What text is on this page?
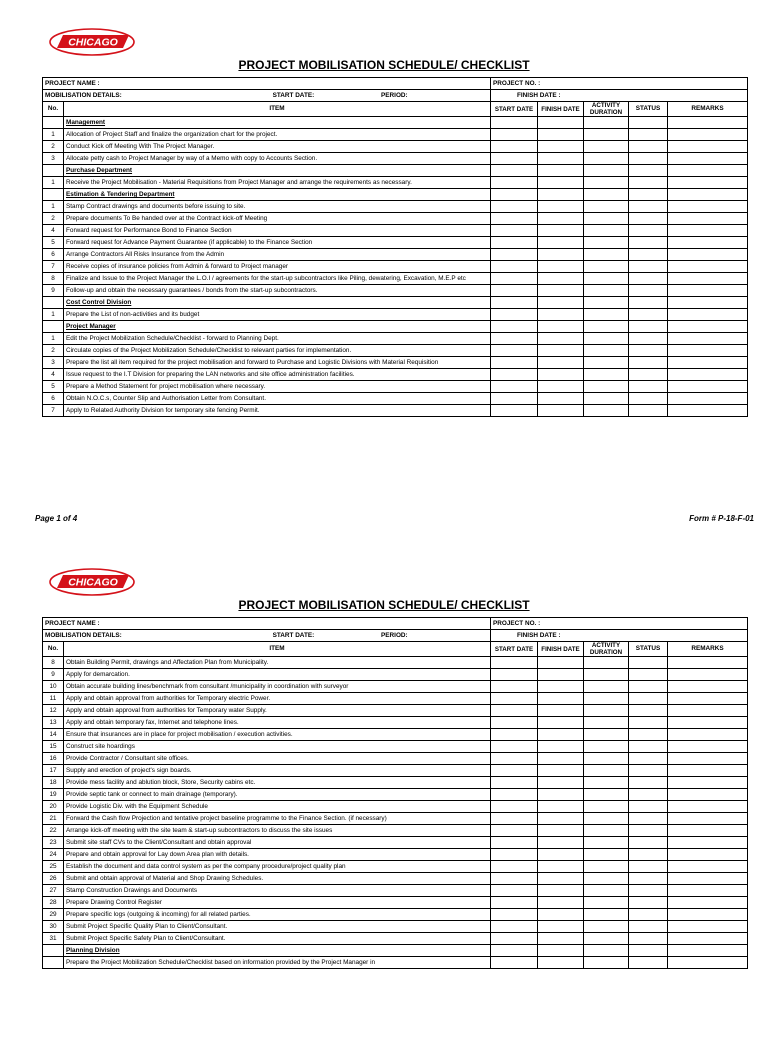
CHICAGO
PROJECT MOBILISATION SCHEDULE/ CHECKLIST
PROJECT NAME :		PROJECT NO. :				
MOBILISATION DETAILS: START DATE: PERIOD:		FINISH DATE :				
No.	ITEM	START DATE	FINISH DATE	ACTIVITY DURATION	STATUS	REMARKS
	Management					
1	Allocation of Project Staff and finalize the organization chart for the project.					
2	Conduct Kick off Meeting With The Project Manager.					
3	Allocate petty cash to Project Manager by way of a Memo with copy to Accounts Section.					
	Purchase Department					
1	Receive the Project Mobilisation - Material Requisitions from Project Manager and arrange the requirements as necessary.					
	Estimation & Tendering Department					
1	Stamp Contract drawings and documents before issuing to site.					
2	Prepare documents To Be handed over at the Contract kick-off Meeting					
4	Forward request for Performance Bond to Finance Section					
5	Forward request for Advance Payment Guarantee (if applicable) to the Finance Section					
6	Arrange Contractors All Risks Insurance from the Admin					
7	Receive copies of insurance policies from Admin & forward to Project manager					
8	Finalize and Issue to the Project Manager the L.O.I / agreements for the start-up subcontractors like Piling, dewatering, Excavation, M.E.P etc					
9	Follow-up and obtain the necessary guarantees / bonds from the start-up subcontractors.					
	Cost Control Division					
1	Prepare the List of non-activities and its budget					
	Project Manager					
1	Edit the Project Mobilization Schedule/Checklist - forward to Planning Dept.					
2	Circulate copies of the Project Mobilization Schedule/Checklist to relevant parties for implementation.					
3	Prepare the list all item required for the project mobilisation and forward to Purchase and Logistic Divisions with Material Requisition					
4	Issue request to the I.T Division for preparing the LAN networks and site office administration facilities.					
5	Prepare a Method Statement for project mobilisation where necessary.					
6	Obtain N.O.C.s, Counter Slip and Authorisation Letter from Consultant.					
7	Apply to Related Authority Division for temporary site fencing Permit.					
Page 1 of 4	Form # P-18-F-01
CHICAGO
PROJECT MOBILISATION SCHEDULE/ CHECKLIST
PROJECT NAME :		PROJECT NO. :				
MOBILISATION DETAILS: START DATE: PERIOD:		FINISH DATE :				
No.	ITEM	START DATE	FINISH DATE	ACTIVITY DURATION	STATUS	REMARKS
8	Obtain Building Permit, drawings and Affectation Plan from Municipality.					
9	Apply for demarcation.					
10	Obtain accurate building lines/benchmark from consultant /municipality in coordination with surveyor					
11	Apply and obtain approval from authorities for Temporary electric Power.					
12	Apply and obtain approval from authorities for Temporary water Supply.					
13	Apply and obtain temporary fax, Internet and telephone lines.					
14	Ensure that insurances are in place for project mobilisation / execution activities.					
15	Construct site hoardings					
16	Provide Contractor / Consultant site offices.					
17	Supply and erection of project's sign boards.					
18	Provide mess facility and ablution block, Store, Security cabins etc.					
19	Provide septic tank or connect to main drainage (temporary).					
20	Provide Logistic Div. with the Equipment Schedule					
21	Forward the Cash flow Projection and tentative project baseline programme to the Finance Section. (if necessary)					
22	Arrange kick-off meeting with the site team & start-up subcontractors to discuss the site issues					
23	Submit site staff CVs to the Client/Consultant and obtain approval					
24	Prepare and obtain approval for Lay down Area plan with details.					
25	Establish the document and data control system as per the company procedure/project quality plan					
26	Submit and obtain approval of Material and Shop Drawing Schedules.					
27	Stamp Construction Drawings and Documents					
28	Prepare Drawing Control Register					
29	Prepare specific logs (outgoing & incoming) for all related parties.					
30	Submit Project Specific Quality Plan to Client/Consultant.					
31	Submit Project Specific Safety Plan to Client/Consultant.					
	Planning Division					
	Prepare the Project Mobilization Schedule/Checklist based on information provided by the Project Manager in					
